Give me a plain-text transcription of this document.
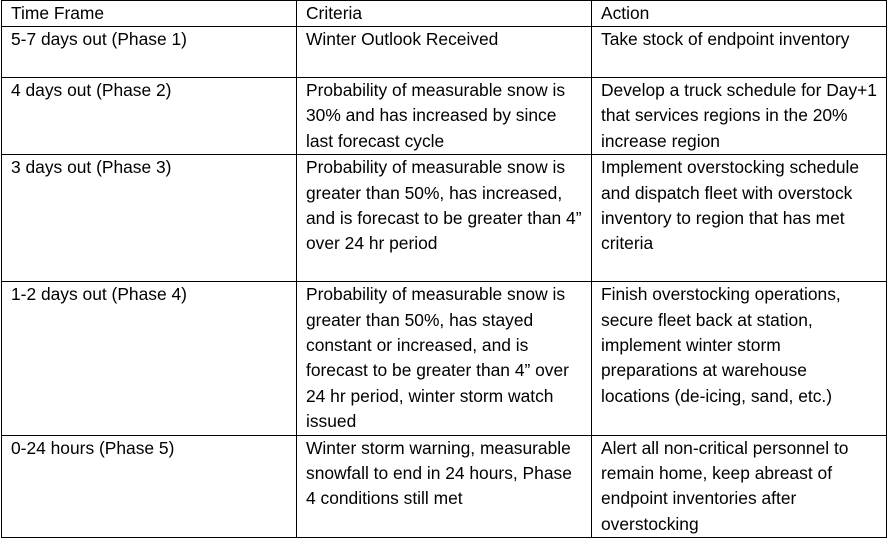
Time Frame	Criteria	Action
5-7 days out (Phase 1)	Winter Outlook Received	Take stock of endpoint inventory
4 days out (Phase 2)	Probability of measurable snow is 30% and has increased by since last forecast cycle	Develop a truck schedule for Day+1 that services regions in the 20% increase region
3 days out (Phase 3)	Probability of measurable snow is greater than 50%, has increased, and is forecast to be greater than 4” over 24 hr period	Implement overstocking schedule and dispatch fleet with overstock inventory to region that has met criteria
1-2 days out (Phase 4)	Probability of measurable snow is greater than 50%, has stayed constant or increased, and is forecast to be greater than 4” over 24 hr period, winter storm watch issued	Finish overstocking operations, secure fleet back at station, implement winter storm preparations at warehouse locations (de-icing, sand, etc.)
0-24 hours (Phase 5)	Winter storm warning, measurable snowfall to end in 24 hours, Phase 4 conditions still met	Alert all non-critical personnel to remain home, keep abreast of endpoint inventories after overstocking
